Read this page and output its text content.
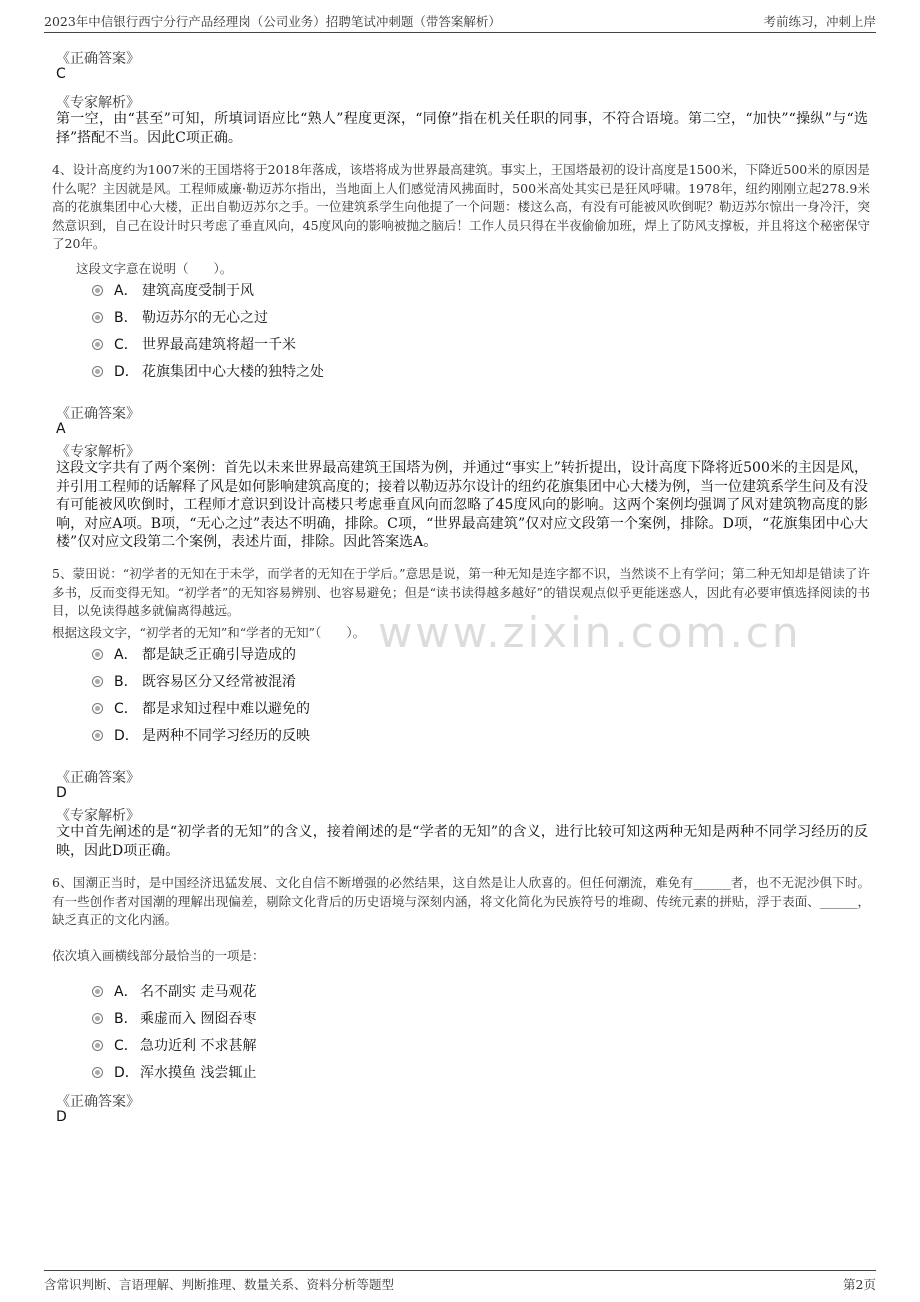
2023年中信银行西宁分行产品经理岗（公司业务）招聘笔试冲刺题（带答案解析）	考前练习，冲刺上岸
www.zixin.com.cn
《正确答案》
C
《专家解析》
第一空，由“甚至”可知，所填词语应比“熟人”程度更深，“同僚”指在机关任职的同事，不符合语境。第二空，“加快”“操纵”与“选择”搭配不当。因此C项正确。
4、设计高度约为1007米的王国塔将于2018年落成，该塔将成为世界最高建筑。事实上，王国塔最初的设计高度是1500米，下降近500米的原因是什么呢？主因就是风。工程师威廉·勒迈苏尔指出，当地面上人们感觉清风拂面时，500米高处其实已是狂风呼啸。1978年，纽约刚刚立起278.9米高的花旗集团中心大楼，正出自勒迈苏尔之手。一位建筑系学生向他提了一个问题：楼这么高，有没有可能被风吹倒呢？勒迈苏尔惊出一身冷汗，突然意识到，自己在设计时只考虑了垂直风向，45度风向的影响被抛之脑后！工作人员只得在半夜偷偷加班，焊上了防风支撑板，并且将这个秘密保守了20年。
这段文字意在说明（　　）。
A． 建筑高度受制于风
B． 勒迈苏尔的无心之过
C． 世界最高建筑将超一千米
D． 花旗集团中心大楼的独特之处
《正确答案》
A
《专家解析》
这段文字共有了两个案例：首先以未来世界最高建筑王国塔为例，并通过“事实上”转折提出，设计高度下降将近500米的主因是风，并引用工程师的话解释了风是如何影响建筑高度的；接着以勒迈苏尔设计的纽约花旗集团中心大楼为例，当一位建筑系学生问及有没有可能被风吹倒时，工程师才意识到设计高楼只考虑垂直风向而忽略了45度风向的影响。这两个案例均强调了风对建筑物高度的影响，对应A项。B项，“无心之过”表达不明确，排除。C项，“世界最高建筑”仅对应文段第一个案例，排除。D项，“花旗集团中心大楼”仅对应文段第二个案例，表述片面，排除。因此答案选A。
5、蒙田说：“初学者的无知在于未学，而学者的无知在于学后。”意思是说，第一种无知是连字都不识，当然谈不上有学问；第二种无知却是错读了许多书，反而变得无知。“初学者”的无知容易辨别、也容易避免；但是“读书读得越多越好”的错误观点似乎更能迷惑人，因此有必要审慎选择阅读的书目，以免读得越多就偏离得越远。
根据这段文字，“初学者的无知”和“学者的无知”（　　）。
A． 都是缺乏正确引导造成的
B． 既容易区分又经常被混淆
C． 都是求知过程中难以避免的
D． 是两种不同学习经历的反映
《正确答案》
D
《专家解析》
文中首先阐述的是“初学者的无知”的含义，接着阐述的是“学者的无知”的含义，进行比较可知这两种无知是两种不同学习经历的反映，因此D项正确。
6、国潮正当时，是中国经济迅猛发展、文化自信不断增强的必然结果，这自然是让人欣喜的。但任何潮流，难免有______者，也不无泥沙俱下时。有一些创作者对国潮的理解出现偏差，剔除文化背后的历史语境与深刻内涵，将文化简化为民族符号的堆砌、传统元素的拼贴，浮于表面、______，缺乏真正的文化内涵。
依次填入画横线部分最恰当的一项是：
A． 名不副实 走马观花
B． 乘虚而入 囫囵吞枣
C． 急功近利 不求甚解
D． 浑水摸鱼 浅尝辄止
《正确答案》
D
含常识判断、言语理解、判断推理、数量关系、资料分析等题型	第2页
